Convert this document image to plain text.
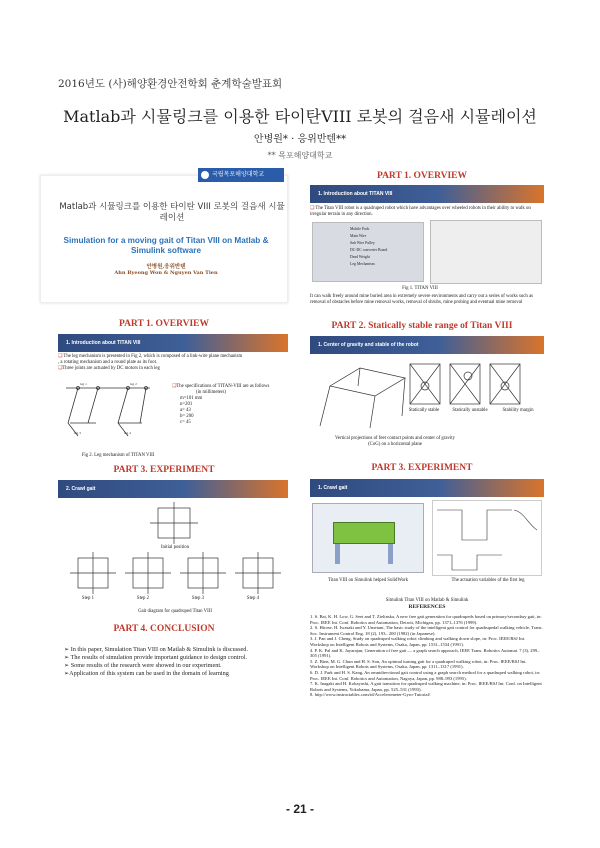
2016년도 (사)해양환경안전학회 춘계학술발표회
Matlab과 시뮬링크를 이용한 타이탄VIII 로봇의 걸음새 시뮬레이션
안병원* · 응위반텐**
** 목포해양대학교
국립목포해양대학교
Matlab과 시뮬링크를 이용한 타이탄 VIII 로봇의 걸음새 시뮬레이션
Simulation for a moving gait of Titan VIII on Matlab & Simulink software
안병원,응위반텐
Ahn Byeong Won & Nguyen Van Tien
PART 1. OVERVIEW
1. Introduction about TITAN VIII
❑ The leg mechanism is presented in Fig 2, which is composed of a link-wire plane mechanism
, a rotating mechanism and a round plate as its foot.
❑Three joints are actuated by DC motors in each leg
leg 1	leg 2
leg 3	leg 4
❑The specifications of TITAN-VIII are as follows
(in millimeters)
m=101 mm
n=201
a= 43
b= 200
c= 45
Fig 2. Leg mechanism of TITAN VIII
PART 3. EXPERIMENT
2. Crawl gait
Initial position
Step 1	Step 2	Step 3	Step 4
Gait diagram for quadruped Titan VIII
PART 4. CONCLUSION
➢ In this paper, Simulation Titan VIII on Matlab & Simulink is discussed.
➢ The results of simulation provide important guidance to design control.
➢ Some results of the research were showed in our experiment.
➢Application of this system can be used in the domain of learning
PART 1. OVERVIEW
1. Introduction about TITAN VIII
❑ The Titan VIII robot is a quadruped robot which have advantages over wheeled robots in their ability to walk on irregular terrain in any direction.
Mobile Pack
Main Wire
Sub Wire Pulley
DC-DC converter Board
Dead Weight
Leg Mechanism
Fig 1. TITAN VIII
It can walk freely around mine buried area in extremely severe environments and carry out a series of works such as removal of obstacles before mine removal works, removal of shrubs, mine probing and eventual mine removal
PART 2. Statically stable range of Titan VIII
1. Center of gravity and stable of the robot
Statically stable	Statically unstable	Stability margin
Vertical projections of feet contact points and center of gravity
(CoG) on a horizontal plane
PART 3. EXPERIMENT
1. Crawl gait
Titan VIII on Simulink helped SolidWork	The actuation variables of the first leg
Simulink Titan VIII on Matlab & Simulink
REFERENCES
1. S. Bai, K. H. Low, G. Seet and T. Zielinska, A new free gait generation for quadrupeds based on primary/secondary gait, in: Proc. IEEE Int. Conf. Robotics and Automation, Detroit, Michigan, pp. 1371–1376 (1999).
2. S. Hirose, H. Iwasaki and Y. Umetani, The basic study of the intelligent gait control for quadrupedal walking vehicle, Trans. Soc. Instrument Control Eng. 18 (2), 193– 200 (1982) (in Japanese).
3. J. Pan and J. Cheng, Study on quadruped walking robot climbing and walking down slope, in: Proc. IEEE/RSJ Int. Workshop on Intelligent Robots and Systems, Osaka, Japan, pp. 1531–1534 (1991).
4. P. K. Pal and K. Jayarajan, Generation of free gait — a graph search approach, IEEE Trans. Robotics Automat. 7 (3), 299–305 (1991).
5. Z. Bien, M. G. Chun and H. S. Son, An optimal turning gait for a quadruped walking robot, in: Proc. IEEE/RSJ Int. Workshop on Intelligent Robots and Systems, Osaka, Japan, pp. 1311–1317 (1991).
6. D. J. Park and H. S. Kang, An omnidirectional gait control using a graph search method for a quadruped walking robot, in: Proc. IEEE Int. Conf. Robotics and Automation, Nagoya, Japan, pp. 988–993 (1995).
7. K. Inagaki and H. Kobayashi, A gait transition for quadruped walking machine, in: Proc. IEEE/RSJ Int. Conf. on Intelligent Robots and Systems, Yokohama, Japan, pp. 525–531 (1993).
8. http://www.instructables.com/id/Accelerometer-Gyro-Tutorial/
- 21 -
